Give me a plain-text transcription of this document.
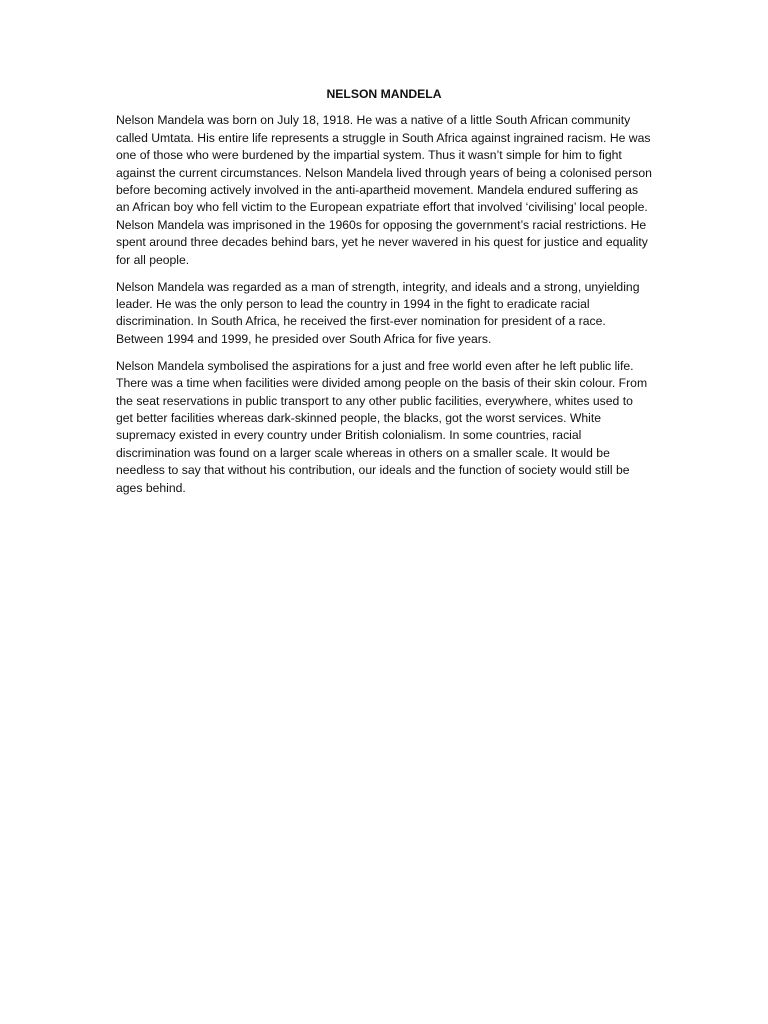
NELSON MANDELA

Nelson Mandela was born on July 18, 1918. He was a native of a little South African community called Umtata. His entire life represents a struggle in South Africa against ingrained racism. He was one of those who were burdened by the impartial system. Thus it wasn’t simple for him to fight against the current circumstances. Nelson Mandela lived through years of being a colonised person before becoming actively involved in the anti-apartheid movement. Mandela endured suffering as an African boy who fell victim to the European expatriate effort that involved ‘civilising’ local people. Nelson Mandela was imprisoned in the 1960s for opposing the government’s racial restrictions. He spent around three decades behind bars, yet he never wavered in his quest for justice and equality for all people.

Nelson Mandela was regarded as a man of strength, integrity, and ideals and a strong, unyielding leader. He was the only person to lead the country in 1994 in the fight to eradicate racial discrimination. In South Africa, he received the first-ever nomination for president of a race. Between 1994 and 1999, he presided over South Africa for five years.

Nelson Mandela symbolised the aspirations for a just and free world even after he left public life. There was a time when facilities were divided among people on the basis of their skin colour. From the seat reservations in public transport to any other public facilities, everywhere, whites used to get better facilities whereas dark-skinned people, the blacks, got the worst services. White supremacy existed in every country under British colonialism. In some countries, racial discrimination was found on a larger scale whereas in others on a smaller scale. It would be needless to say that without his contribution, our ideals and the function of society would still be ages behind.
